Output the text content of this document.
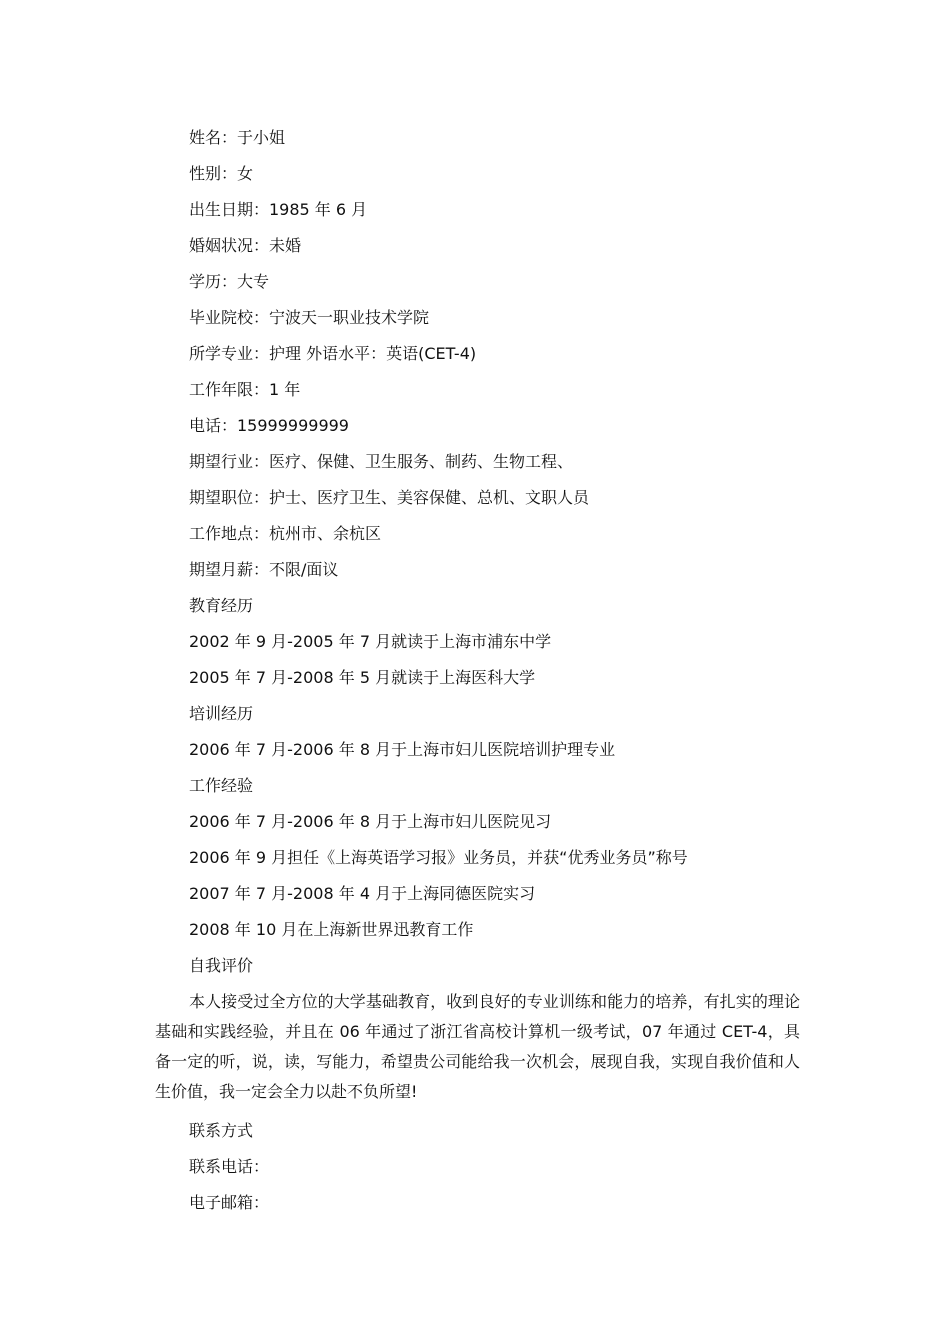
姓名：于小姐
性别：女
出生日期：1985 年 6 月
婚姻状况：未婚
学历：大专
毕业院校：宁波天一职业技术学院
所学专业：护理 外语水平：英语(CET-4)
工作年限：1 年
电话：15999999999
期望行业：医疗、保健、卫生服务、制药、生物工程、
期望职位：护士、医疗卫生、美容保健、总机、文职人员
工作地点：杭州市、余杭区
期望月薪：不限/面议
教育经历
2002 年 9 月-2005 年 7 月就读于上海市浦东中学
2005 年 7 月-2008 年 5 月就读于上海医科大学
培训经历
2006 年 7 月-2006 年 8 月于上海市妇儿医院培训护理专业
工作经验
2006 年 7 月-2006 年 8 月于上海市妇儿医院见习
2006 年 9 月担任《上海英语学习报》业务员，并获“优秀业务员”称号
2007 年 7 月-2008 年 4 月于上海同德医院实习
2008 年 10 月在上海新世界迅教育工作
自我评价
本人接受过全方位的大学基础教育，收到良好的专业训练和能力的培养，有扎实的理论基础和实践经验，并且在 06 年通过了浙江省高校计算机一级考试，07 年通过 CET-4，具备一定的听，说，读，写能力，希望贵公司能给我一次机会，展现自我，实现自我价值和人生价值，我一定会全力以赴不负所望!
联系方式
联系电话：
电子邮箱：
